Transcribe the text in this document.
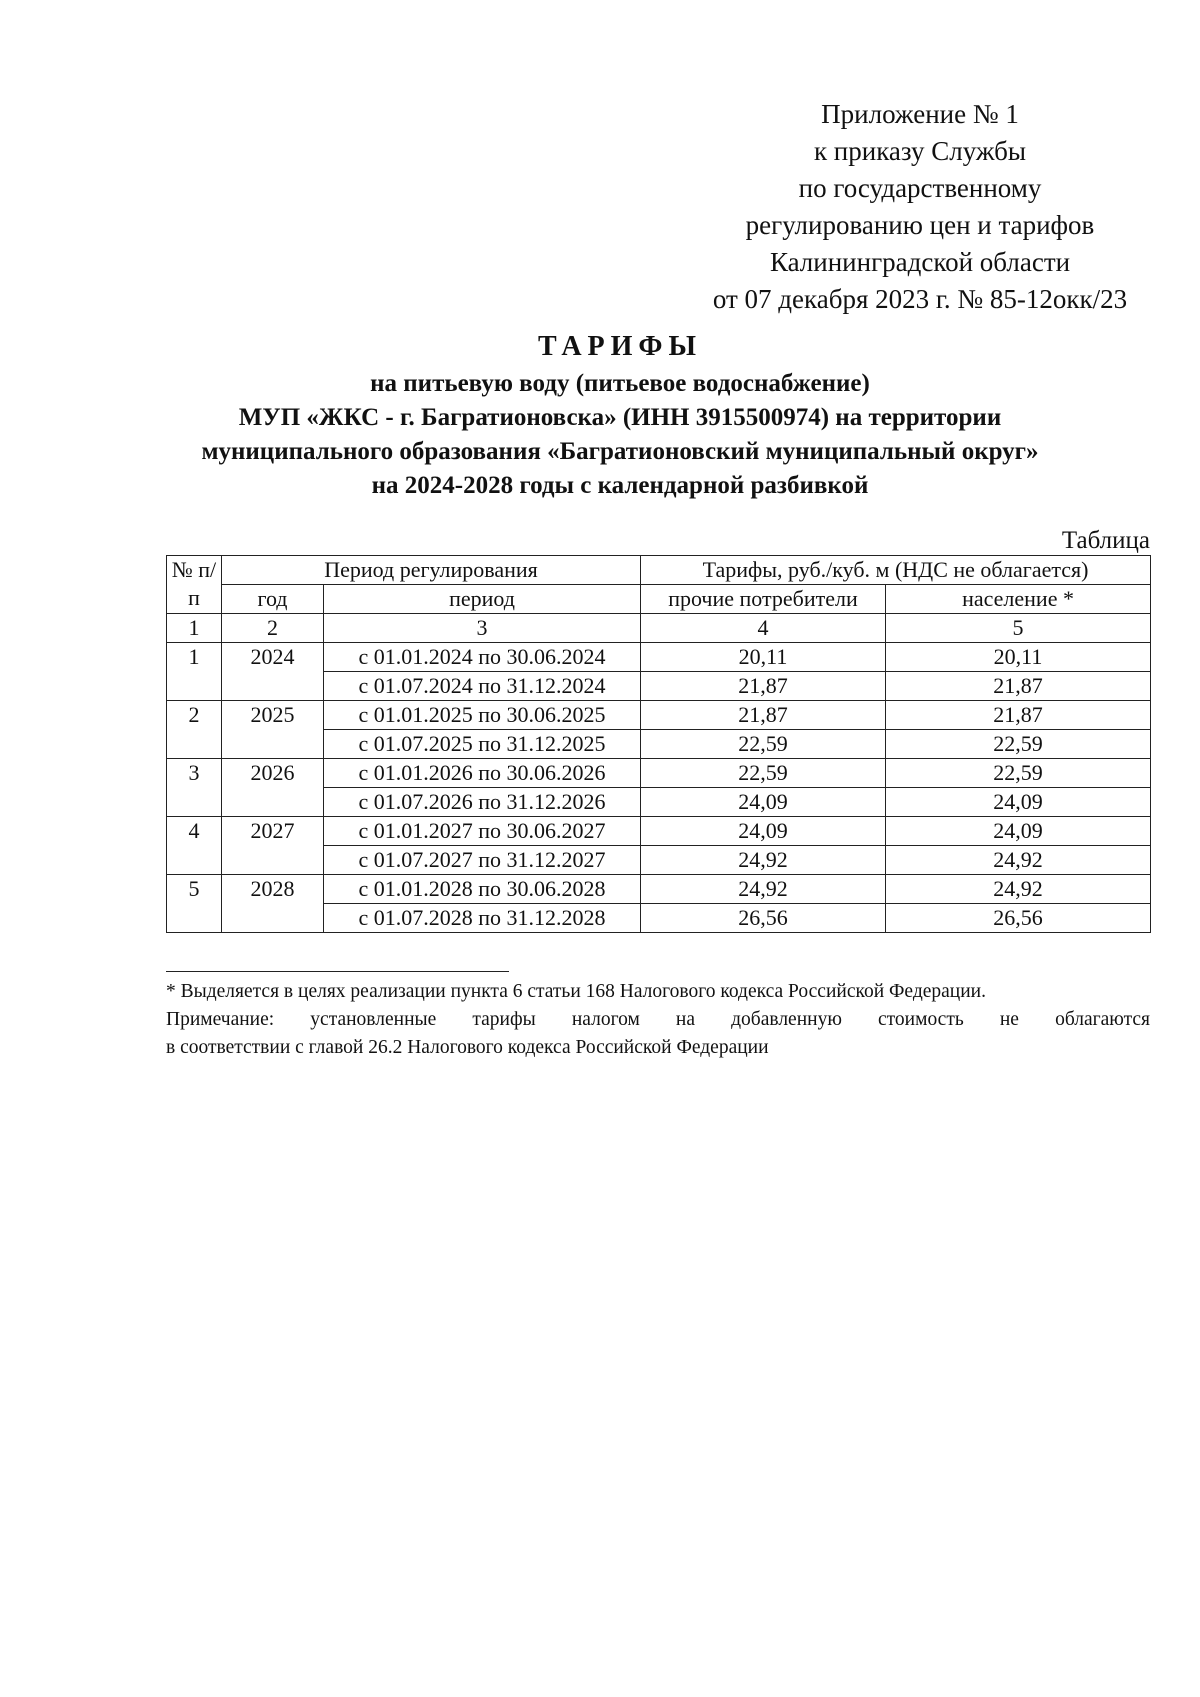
Приложение № 1
к приказу Службы
по государственному
регулированию цен и тарифов
Калининградской области
от 07 декабря 2023 г. № 85-12окк/23
ТАРИФЫ
на питьевую воду (питьевое водоснабжение)
МУП «ЖКС - г. Багратионовска» (ИНН 3915500974) на территории
муниципального образования «Багратионовский муниципальный округ»
на 2024-2028 годы с календарной разбивкой
Таблица
№ п/п	Период регулирования		Тарифы, руб./куб. м (НДС не облагается)	
	год	период	прочие потребители	население *
1	2	3	4	5
1	2024	с 01.01.2024 по 30.06.2024	20,11	20,11
		с 01.07.2024 по 31.12.2024	21,87	21,87
2	2025	с 01.01.2025 по 30.06.2025	21,87	21,87
		с 01.07.2025 по 31.12.2025	22,59	22,59
3	2026	с 01.01.2026 по 30.06.2026	22,59	22,59
		с 01.07.2026 по 31.12.2026	24,09	24,09
4	2027	с 01.01.2027 по 30.06.2027	24,09	24,09
		с 01.07.2027 по 31.12.2027	24,92	24,92
5	2028	с 01.01.2028 по 30.06.2028	24,92	24,92
		с 01.07.2028 по 31.12.2028	26,56	26,56

* Выделяется в целях реализации пункта 6 статьи 168 Налогового кодекса Российской Федерации.

Примечание: установленные тарифы налогом на добавленную стоимость не облагаются

в соответствии с главой 26.2 Налогового кодекса Российской Федерации
